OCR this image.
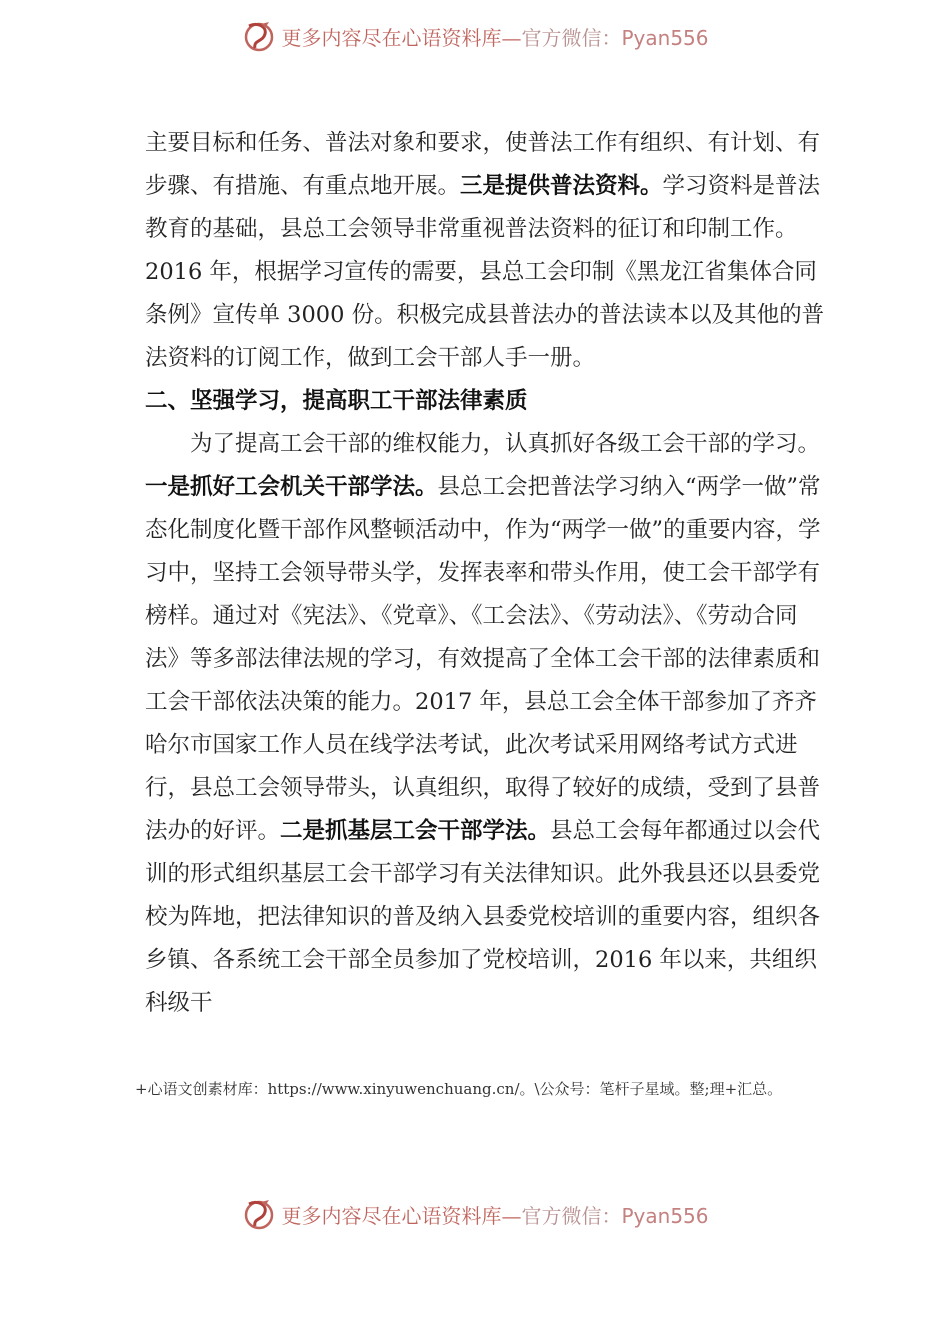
更多内容尽在心语资料库—官方微信：Pyan556

主要目标和任务、普法对象和要求，使普法工作有组织、有计划、有步骤、有措施、有重点地开展。三是提供普法资料。学习资料是普法教育的基础，县总工会领导非常重视普法资料的征订和印制工作。2016 年，根据学习宣传的需要，县总工会印制《黑龙江省集体合同条例》宣传单 3000 份。积极完成县普法办的普法读本以及其他的普法资料的订阅工作，做到工会干部人手一册。

二、坚强学习，提高职工干部法律素质

为了提高工会干部的维权能力，认真抓好各级工会干部的学习。一是抓好工会机关干部学法。县总工会把普法学习纳入“两学一做”常态化制度化暨干部作风整顿活动中，作为“两学一做”的重要内容，学习中，坚持工会领导带头学，发挥表率和带头作用，使工会干部学有榜样。通过对《宪法》、《党章》、《工会法》、《劳动法》、《劳动合同法》等多部法律法规的学习，有效提高了全体工会干部的法律素质和工会干部依法决策的能力。2017 年，县总工会全体干部参加了齐齐哈尔市国家工作人员在线学法考试，此次考试采用网络考试方式进行，县总工会领导带头，认真组织，取得了较好的成绩，受到了县普法办的好评。二是抓基层工会干部学法。县总工会每年都通过以会代训的形式组织基层工会干部学习有关法律知识。此外我县还以县委党校为阵地，把法律知识的普及纳入县委党校培训的重要内容，组织各乡镇、各系统工会干部全员参加了党校培训，2016 年以来，共组织科级干

+心语文创素材库：https://www.xinyuwenchuang.cn/。\公众号：笔杆子星域。整;理+汇总。
更多内容尽在心语资料库—官方微信：Pyan556
